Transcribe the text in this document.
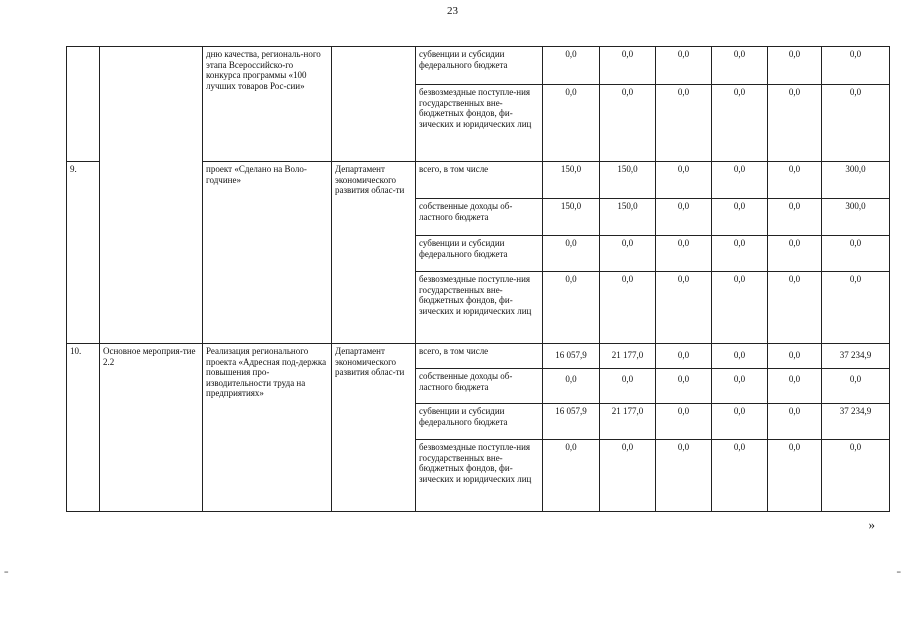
23
		дню качества, региональ-ного этапа Всероссийско-го конкурса программы «100 лучших товаров Рос-сии»		субвенции и субсидии федерального бюджета	0,0	0,0	0,0	0,0	0,0	0,0
				безвозмездные поступле-ния государственных вне-бюджетных фондов, фи-зических и юридических лиц	0,0	0,0	0,0	0,0	0,0	0,0
9.		проект «Сделано на Воло-годчине»	Департамент экономического развития облас-ти	всего, в том числе	150,0	150,0	0,0	0,0	0,0	300,0
				собственные доходы об-ластного бюджета	150,0	150,0	0,0	0,0	0,0	300,0
				субвенции и субсидии федерального бюджета	0,0	0,0	0,0	0,0	0,0	0,0
				безвозмездные поступле-ния государственных вне-бюджетных фондов, фи-зических и юридических лиц	0,0	0,0	0,0	0,0	0,0	0,0
10.	Основное мероприя-тие 2.2	Реализация регионального проекта «Адресная под-держка повышения про-изводительности труда на предприятиях»	Департамент экономического развития облас-ти	всего, в том числе	16 057,9	21 177,0	0,0	0,0	0,0	37 234,9
				собственные доходы об-ластного бюджета	0,0	0,0	0,0	0,0	0,0	0,0
				субвенции и субсидии федерального бюджета	16 057,9	21 177,0	0,0	0,0	0,0	37 234,9
				безвозмездные поступле-ния государственных вне-бюджетных фондов, фи-зических и юридических лиц	0,0	0,0	0,0	0,0	0,0	0,0
»
=	=
